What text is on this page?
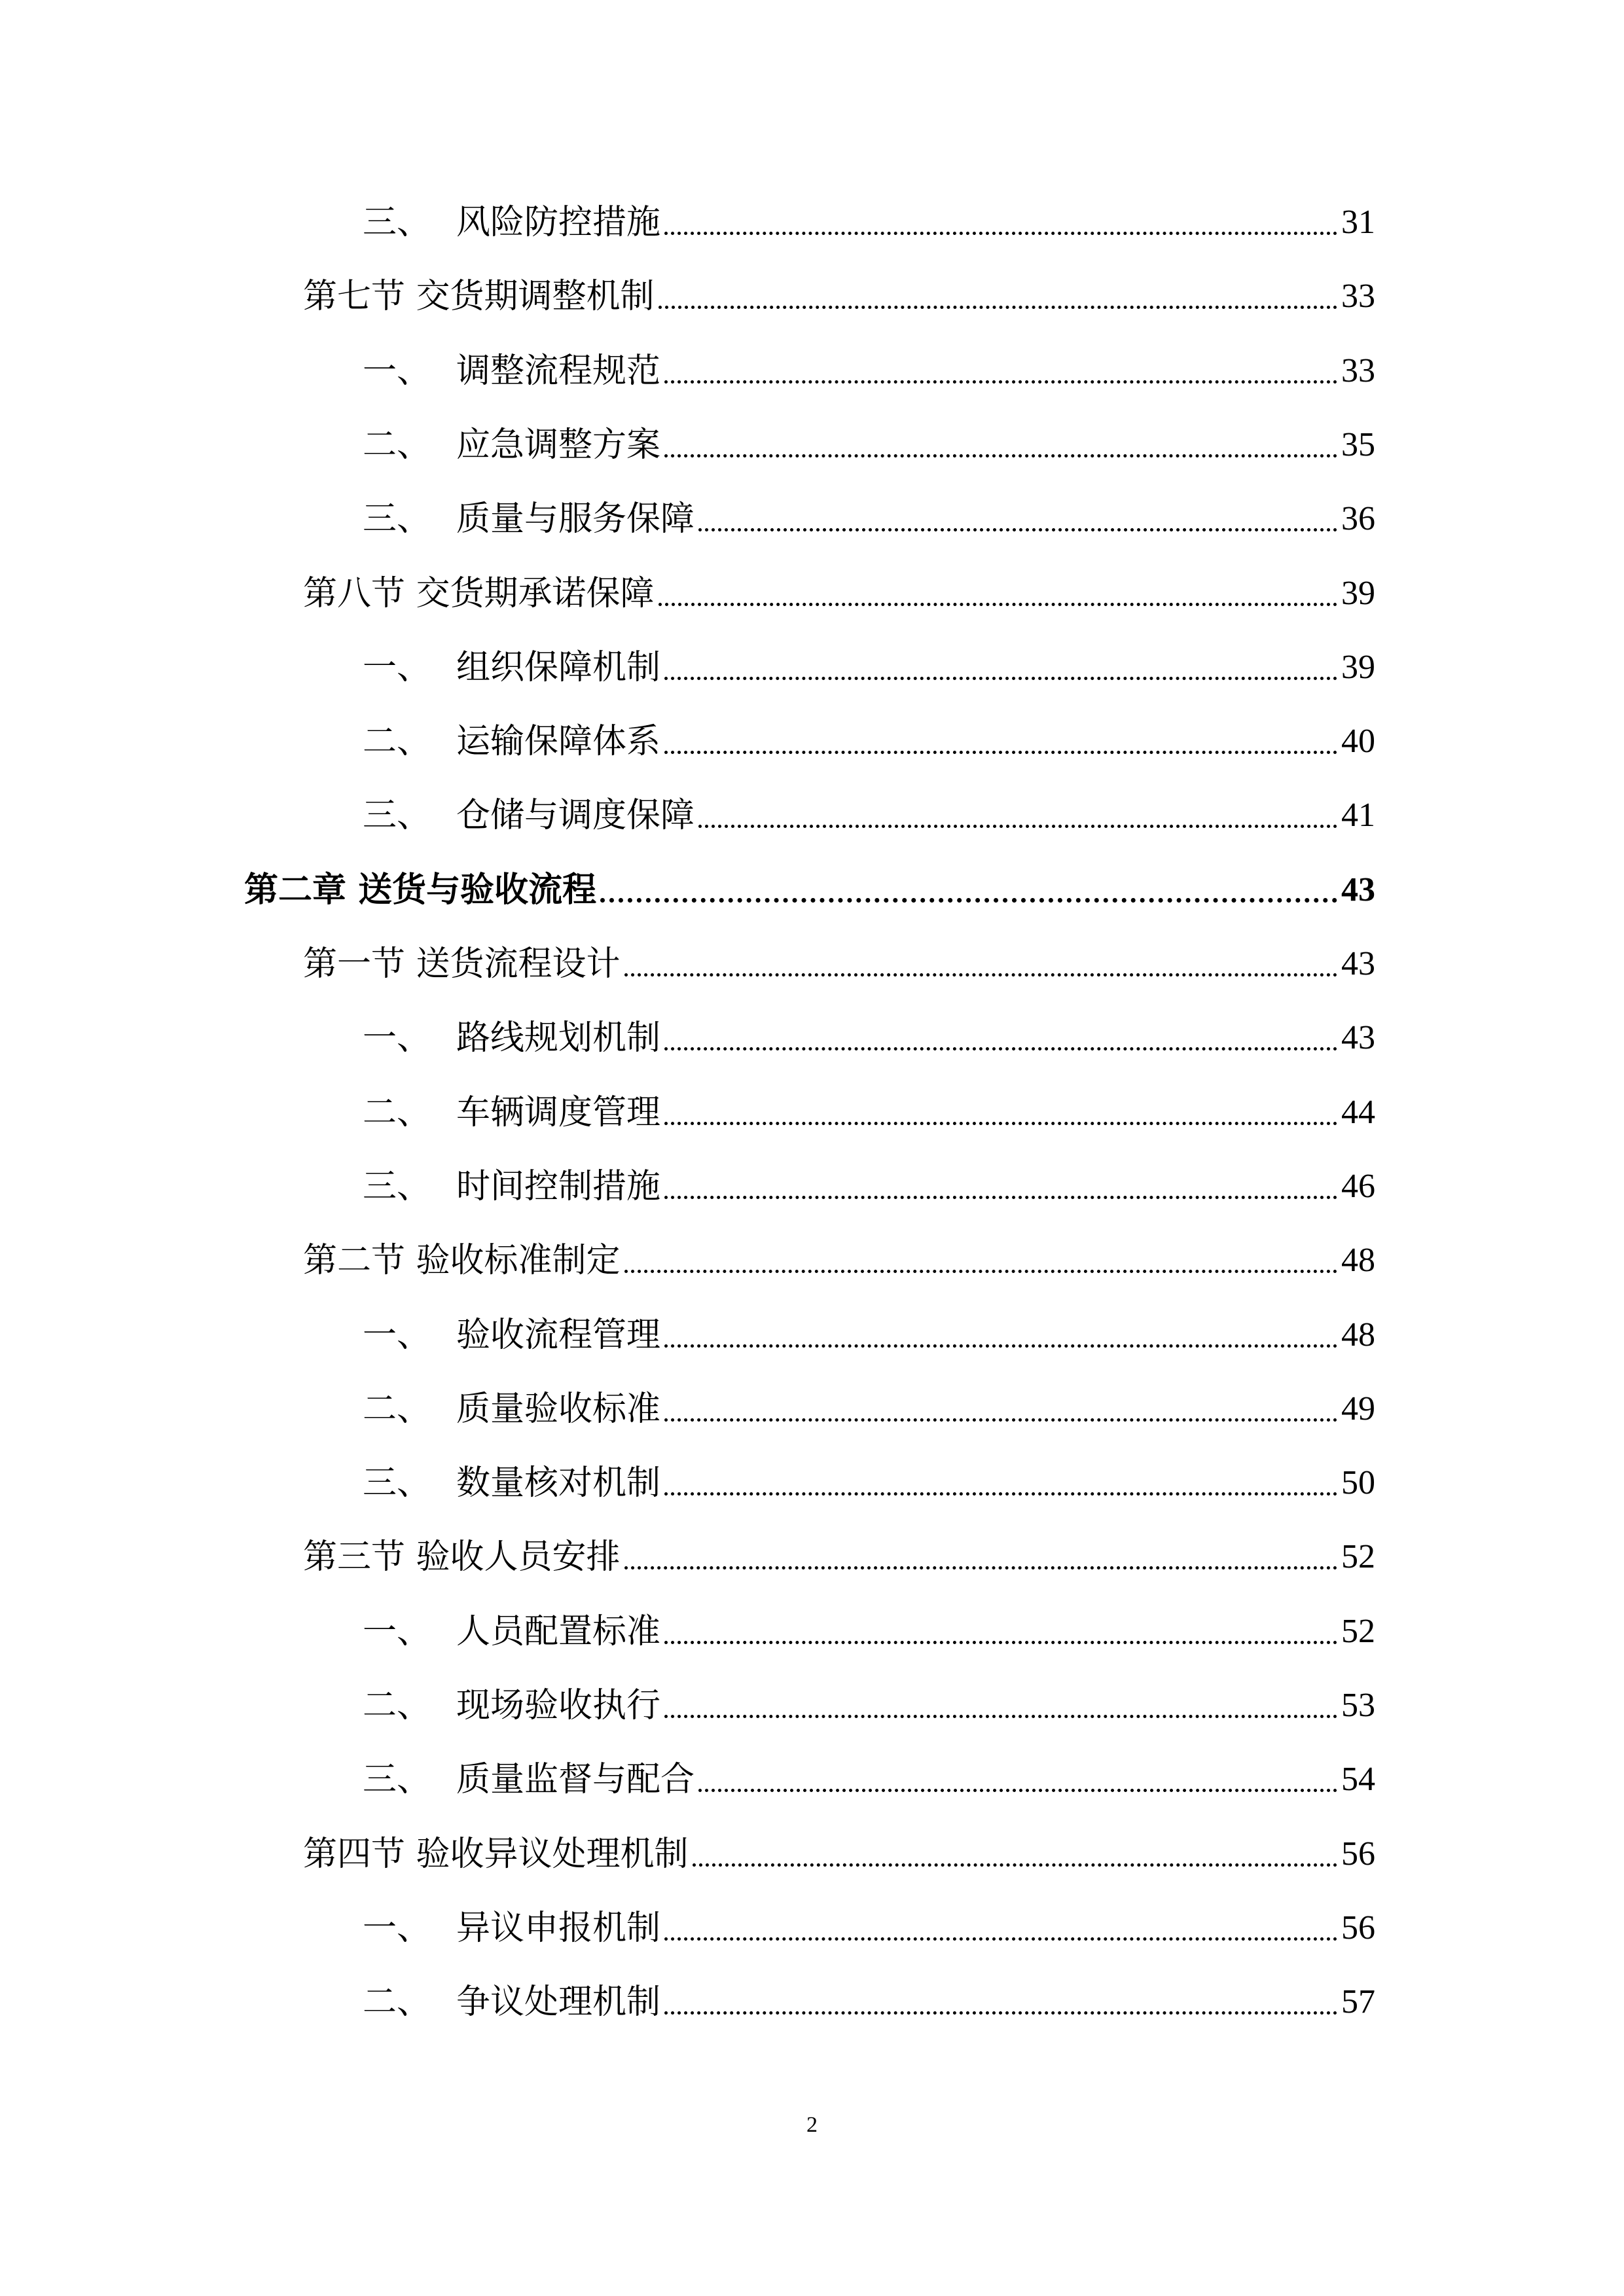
三、 风险防控措施	31
第七节 交货期调整机制	33
一、 调整流程规范	33
二、 应急调整方案	35
三、 质量与服务保障	36
第八节 交货期承诺保障	39
一、 组织保障机制	39
二、 运输保障体系	40
三、 仓储与调度保障	41
第二章 送货与验收流程	43
第一节 送货流程设计	43
一、 路线规划机制	43
二、 车辆调度管理	44
三、 时间控制措施	46
第二节 验收标准制定	48
一、 验收流程管理	48
二、 质量验收标准	49
三、 数量核对机制	50
第三节 验收人员安排	52
一、 人员配置标准	52
二、 现场验收执行	53
三、 质量监督与配合	54
第四节 验收异议处理机制	56
一、 异议申报机制	56
二、 争议处理机制	57
2
